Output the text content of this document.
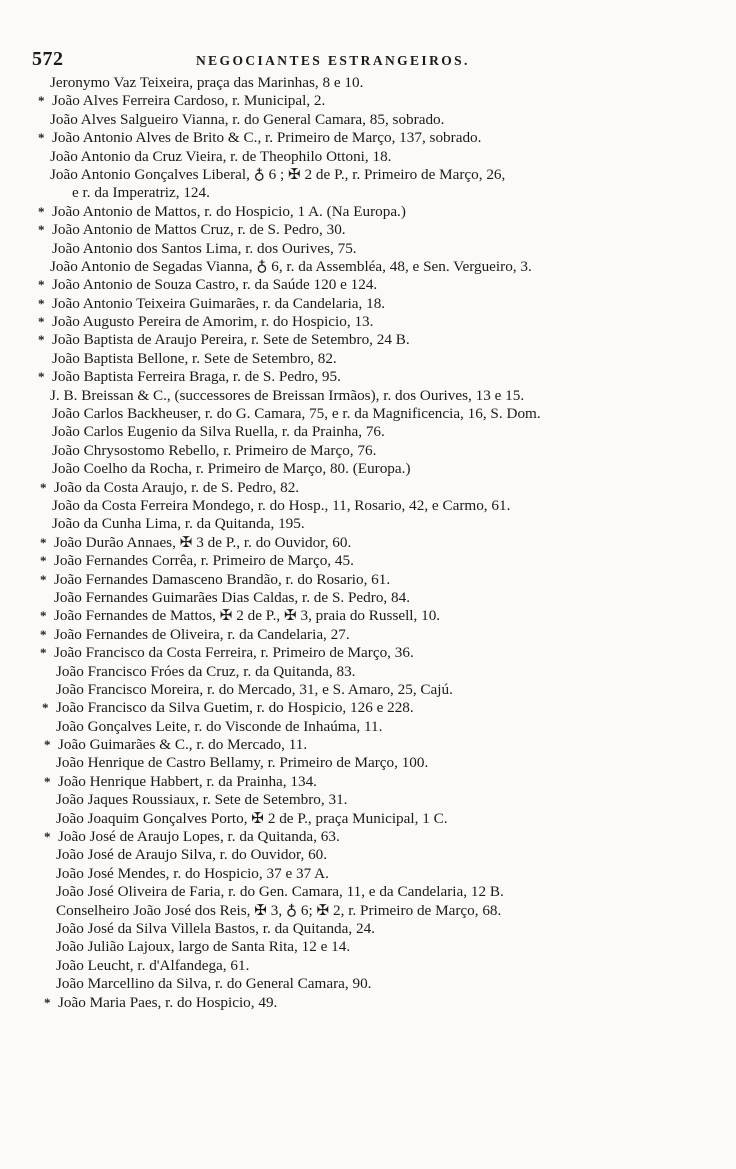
572	NEGOCIANTES ESTRANGEIROS.
Jeronymo Vaz Teixeira, praça das Marinhas, 8 e 10.
* João Alves Ferreira Cardoso, r. Municipal, 2.
João Alves Salgueiro Vianna, r. do General Camara, 85, sobrado.
* João Antonio Alves de Brito & C., r. Primeiro de Março, 137, sobrado.
João Antonio da Cruz Vieira, r. de Theophilo Ottoni, 18.
João Antonio Gonçalves Liberal, ♁ 6 ; ✠ 2 de P., r. Primeiro de Março, 26,
e r. da Imperatriz, 124.
* João Antonio de Mattos, r. do Hospicio, 1 A. (Na Europa.)
* João Antonio de Mattos Cruz, r. de S. Pedro, 30.
João Antonio dos Santos Lima, r. dos Ourives, 75.
João Antonio de Segadas Vianna, ♁ 6, r. da Assembléa, 48, e Sen. Vergueiro, 3.
* João Antonio de Souza Castro, r. da Saúde 120 e 124.
* João Antonio Teixeira Guimarães, r. da Candelaria, 18.
* João Augusto Pereira de Amorim, r. do Hospicio, 13.
* João Baptista de Araujo Pereira, r. Sete de Setembro, 24 B.
João Baptista Bellone, r. Sete de Setembro, 82.
* João Baptista Ferreira Braga, r. de S. Pedro, 95.
J. B. Breissan & C., (successores de Breissan Irmãos), r. dos Ourives, 13 e 15.
João Carlos Backheuser, r. do G. Camara, 75, e r. da Magnificencia, 16, S. Dom.
João Carlos Eugenio da Silva Ruella, r. da Prainha, 76.
João Chrysostomo Rebello, r. Primeiro de Março, 76.
João Coelho da Rocha, r. Primeiro de Março, 80. (Europa.)
* João da Costa Araujo, r. de S. Pedro, 82.
João da Costa Ferreira Mondego, r. do Hosp., 11, Rosario, 42, e Carmo, 61.
João da Cunha Lima, r. da Quitanda, 195.
* João Durão Annaes, ✠ 3 de P., r. do Ouvidor, 60.
* João Fernandes Corrêa, r. Primeiro de Março, 45.
* João Fernandes Damasceno Brandão, r. do Rosario, 61.
João Fernandes Guimarães Dias Caldas, r. de S. Pedro, 84.
* João Fernandes de Mattos, ✠ 2 de P., ✠ 3, praia do Russell, 10.
* João Fernandes de Oliveira, r. da Candelaria, 27.
* João Francisco da Costa Ferreira, r. Primeiro de Março, 36.
João Francisco Fróes da Cruz, r. da Quitanda, 83.
João Francisco Moreira, r. do Mercado, 31, e S. Amaro, 25, Cajú.
* João Francisco da Silva Guetim, r. do Hospicio, 126 e 228.
João Gonçalves Leite, r. do Visconde de Inhaúma, 11.
* João Guimarães & C., r. do Mercado, 11.
João Henrique de Castro Bellamy, r. Primeiro de Março, 100.
* João Henrique Habbert, r. da Prainha, 134.
João Jaques Roussiaux, r. Sete de Setembro, 31.
João Joaquim Gonçalves Porto, ✠ 2 de P., praça Municipal, 1 C.
* João José de Araujo Lopes, r. da Quitanda, 63.
João José de Araujo Silva, r. do Ouvidor, 60.
João José Mendes, r. do Hospicio, 37 e 37 A.
João José Oliveira de Faria, r. do Gen. Camara, 11, e da Candelaria, 12 B.
Conselheiro João José dos Reis, ✠ 3, ♁ 6; ✠ 2, r. Primeiro de Março, 68.
João José da Silva Villela Bastos, r. da Quitanda, 24.
João Julião Lajoux, largo de Santa Rita, 12 e 14.
João Leucht, r. d'Alfandega, 61.
João Marcellino da Silva, r. do General Camara, 90.
* João Maria Paes, r. do Hospicio, 49.
